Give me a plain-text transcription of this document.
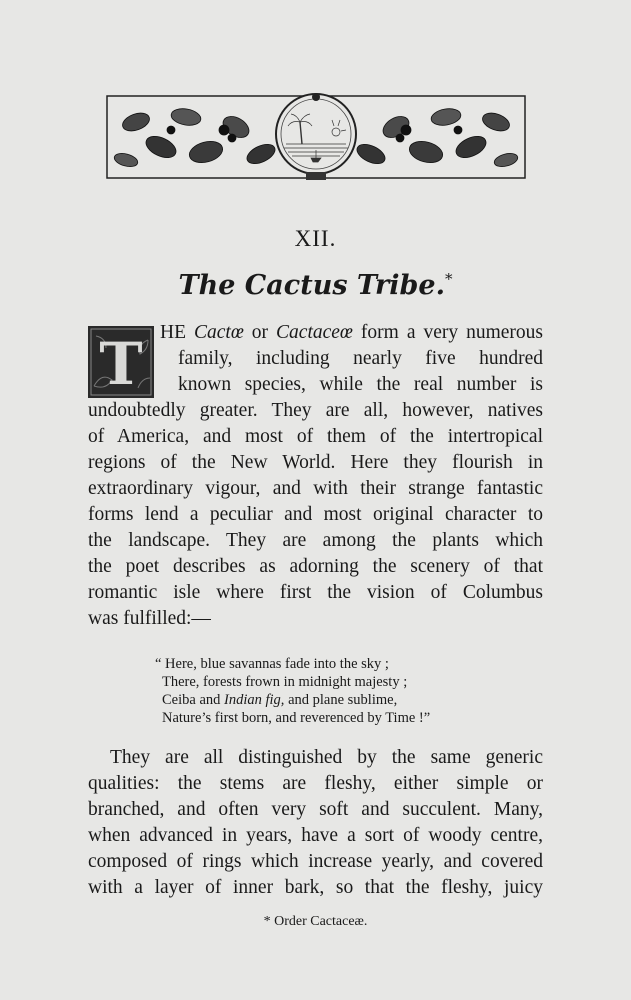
XII.
The Cactus Tribe.*
T HE Cactœ or Cactaceœ form a very numerous
family, including nearly five hundred
known species, while the real number is
undoubtedly greater. They are all, however, natives
of America, and most of them of the intertropical
regions of the New World. Here they flourish in
extraordinary vigour, and with their strange fantastic
forms lend a peculiar and most original character to
the landscape. They are among the plants which
the poet describes as adorning the scenery of that
romantic isle where first the vision of Columbus
was fulfilled:—
“ Here, blue savannas fade into the sky ;
There, forests frown in midnight majesty ;
Ceiba and Indian fig, and plane sublime,
Nature’s first born, and reverenced by Time !”
They are all distinguished by the same generic
qualities: the stems are fleshy, either simple or
branched, and often very soft and succulent. Many,
when advanced in years, have a sort of woody centre,
composed of rings which increase yearly, and covered
with a layer of inner bark, so that the fleshy, juicy
* Order Cactaceæ.
